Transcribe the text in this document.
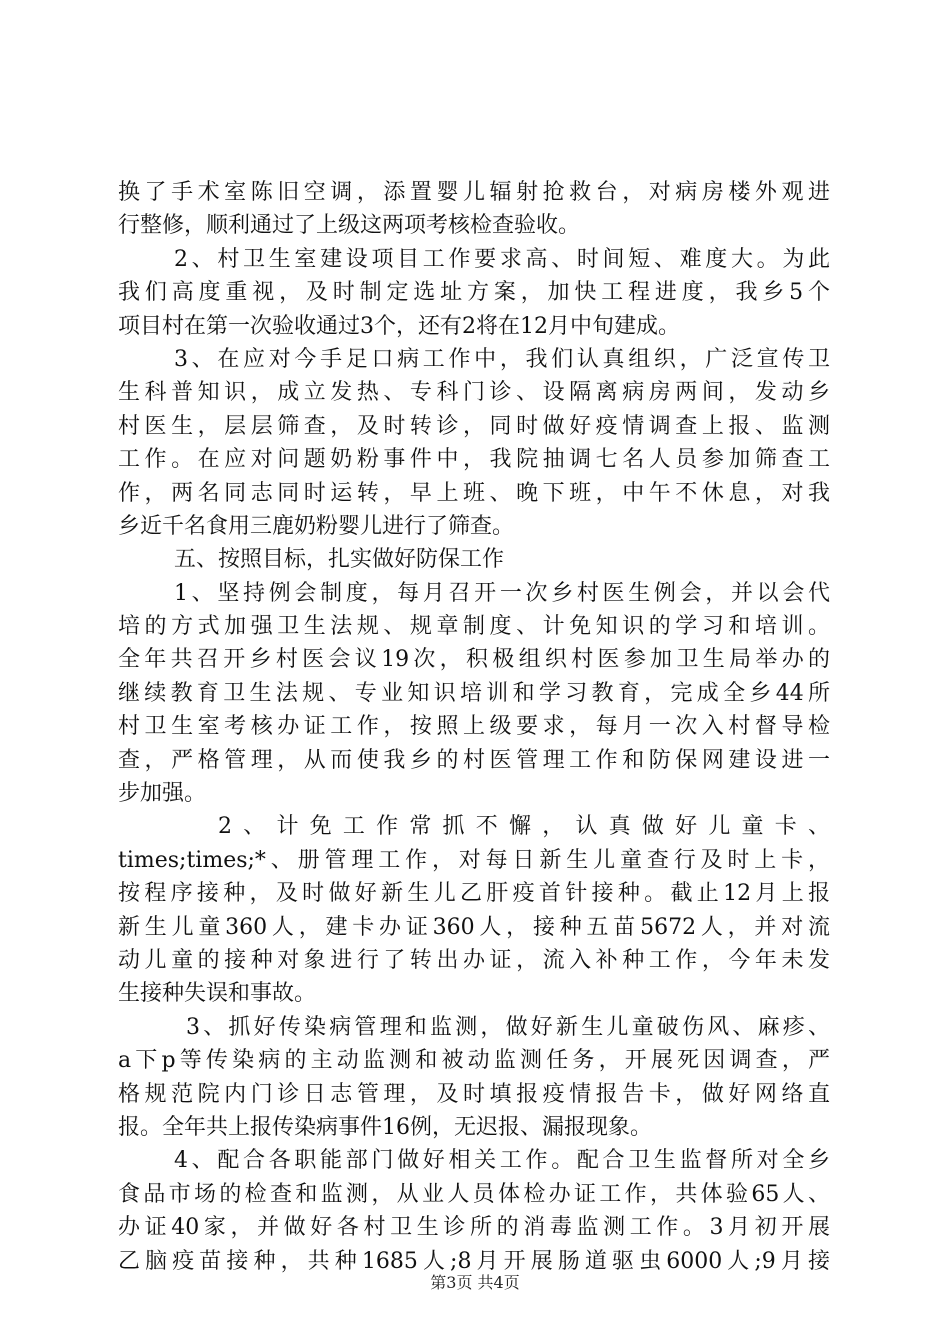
换了手术室陈旧空调，添置婴儿辐射抢救台，对病房楼外观进
行整修，顺利通过了上级这两项考核检查验收。
2、村卫生室建设项目工作要求高、时间短、难度大。为此
我们高度重视，及时制定选址方案，加快工程进度，我乡5个
项目村在第一次验收通过3个，还有2将在12月中旬建成。
3、在应对今手足口病工作中，我们认真组织，广泛宣传卫
生科普知识，成立发热、专科门诊、设隔离病房两间，发动乡
村医生，层层筛查，及时转诊，同时做好疫情调查上报、监测
工作。在应对问题奶粉事件中，我院抽调七名人员参加筛查工
作，两名同志同时运转，早上班、晚下班，中午不休息，对我
乡近千名食用三鹿奶粉婴儿进行了筛查。
五、按照目标，扎实做好防保工作
1、坚持例会制度，每月召开一次乡村医生例会，并以会代
培的方式加强卫生法规、规章制度、计免知识的学习和培训。
全年共召开乡村医会议19次，积极组织村医参加卫生局举办的
继续教育卫生法规、专业知识培训和学习教育，完成全乡44所
村卫生室考核办证工作，按照上级要求，每月一次入村督导检
查，严格管理，从而使我乡的村医管理工作和防保网建设进一
步加强。
2、计免工作常抓不懈，认真做好儿童卡、
times;times;*、册管理工作，对每日新生儿童查行及时上卡，
按程序接种，及时做好新生儿乙肝疫首针接种。截止12月上报
新生儿童360人，建卡办证360人，接种五苗5672人，并对流
动儿童的接种对象进行了转出办证，流入补种工作，今年未发
生接种失误和事故。
3、抓好传染病管理和监测，做好新生儿童破伤风、麻疹、
a下p等传染病的主动监测和被动监测任务，开展死因调查，严
格规范院内门诊日志管理，及时填报疫情报告卡，做好网络直
报。全年共上报传染病事件16例，无迟报、漏报现象。
4、配合各职能部门做好相关工作。配合卫生监督所对全乡
食品市场的检查和监测，从业人员体检办证工作，共体验65人、
办证40家，并做好各村卫生诊所的消毒监测工作。3月初开展
乙脑疫苗接种，共种1685人;8月开展肠道驱虫6000人;9月接
第3页 共4页
